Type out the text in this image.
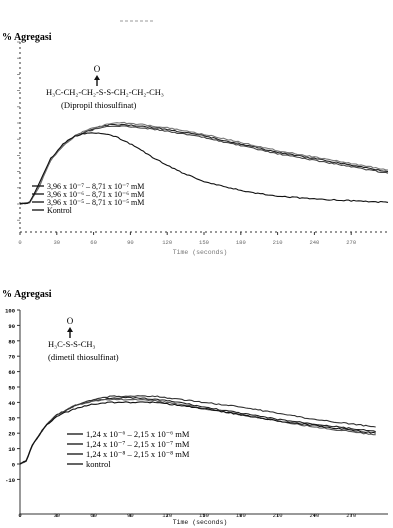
% Agregasi
0	30	60	90	120	150	180	210	240	270
Time (seconds)
O
H₃C-CH₂-CH₂-S-S-CH₂-CH₂-CH₃
(Dipropil thiosulfinat)
3,96 x 10⁻⁷ – 8,71 x 10⁻⁷ mM
3,96 x 10⁻⁶ – 8,71 x 10⁻⁶ mM
3,96 x 10⁻⁵ – 8,71 x 10⁻⁵ mM
Kontrol
% Agregasi
-10
0
10
20
30
40
50
60
70
80
90
100
0	30	60	90	120	150	180	210	240	270
Time (seconds)
O
H₃C-S-S-CH₃
(dimetil thiosulfinat)
1,24 x 10⁻⁶ – 2,15 x 10⁻⁶ mM
1,24 x 10⁻⁷ – 2,15 x 10⁻⁷ mM
1,24 x 10⁻⁸ – 2,15 x 10⁻⁸ mM
kontrol
